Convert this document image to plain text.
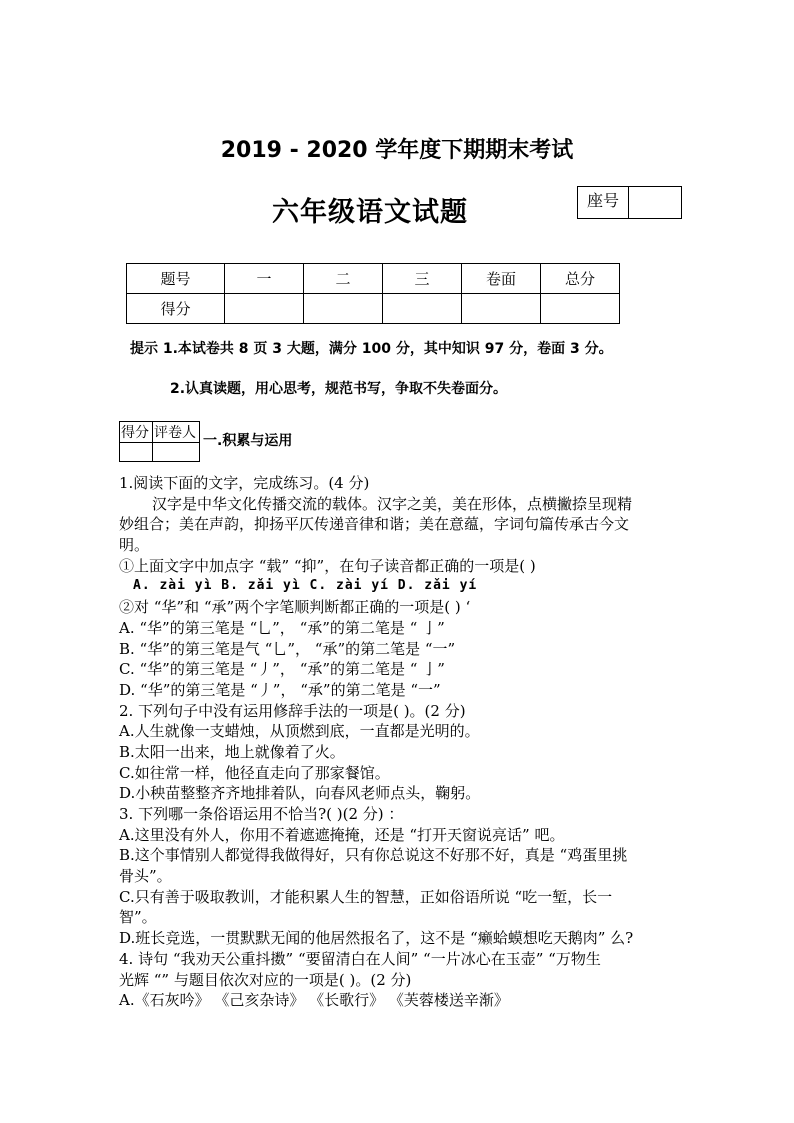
2019 - 2020 学年度下期期末考试
六年级语文试题	座号
题号	一	二	三	卷面	总分
得分					
提示 1.本试卷共 8 页 3 大题，满分 100 分，其中知识 97 分，卷面 3 分。
2.认真读题，用心思考，规范书写，争取不失卷面分。
得分	评卷人
	一.积累与运用
1.阅读下面的文字，完成练习。(4 分)
汉字是中华文化传播交流的载体。汉字之美，美在形体，点横撇捺呈现精
妙组合；美在声韵，抑扬平仄传递音律和谐；美在意蕴，字词句篇传承古今文
明。
①上面文字中加点字 “载” “抑”，在句子读音都正确的一项是( )
A. zài yì B. zǎi yì C. zài yí D. zǎi yí
②对 “华”和 “承”两个字笔顺判断都正确的一项是( ) ‘
A. “华”的第三笔是 “乚”， “承”的第二笔是 “ 亅”
B. “华”的第三笔是气 “乚”， “承”的第二笔是 “一”
C. “华”的第三笔是 “丿”， “承”的第二笔是 “ 亅”
D. “华”的第三笔是 “丿”， “承”的第二笔是 “一”
2. 下列句子中没有运用修辞手法的一项是( )。(2 分)
A.人生就像一支蜡烛，从顶燃到底，一直都是光明的。
B.太阳一出来，地上就像着了火。
C.如往常一样，他径直走向了那家餐馆。
D.小秧苗整整齐齐地排着队，向春风老师点头，鞠躬。
3. 下列哪一条俗语运用不恰当?( )(2 分) ：
A.这里没有外人，你用不着遮遮掩掩，还是 “打开天窗说亮话” 吧。
B.这个事情别人都觉得我做得好，只有你总说这不好那不好，真是 “鸡蛋里挑
骨头”。
C.只有善于吸取教训，才能积累人生的智慧，正如俗语所说 “吃一堑，长一
智”。
D.班长竞选，一贯默默无闻的他居然报名了，这不是 “癞蛤蟆想吃天鹅肉” 么?
4. 诗句 “我劝天公重抖擞” “要留清白在人间” “一片冰心在玉壶” “万物生
光辉 “” 与题目依次对应的一项是( )。(2 分)
A.《石灰吟》 《己亥杂诗》 《长歌行》 《芙蓉楼送辛渐》
